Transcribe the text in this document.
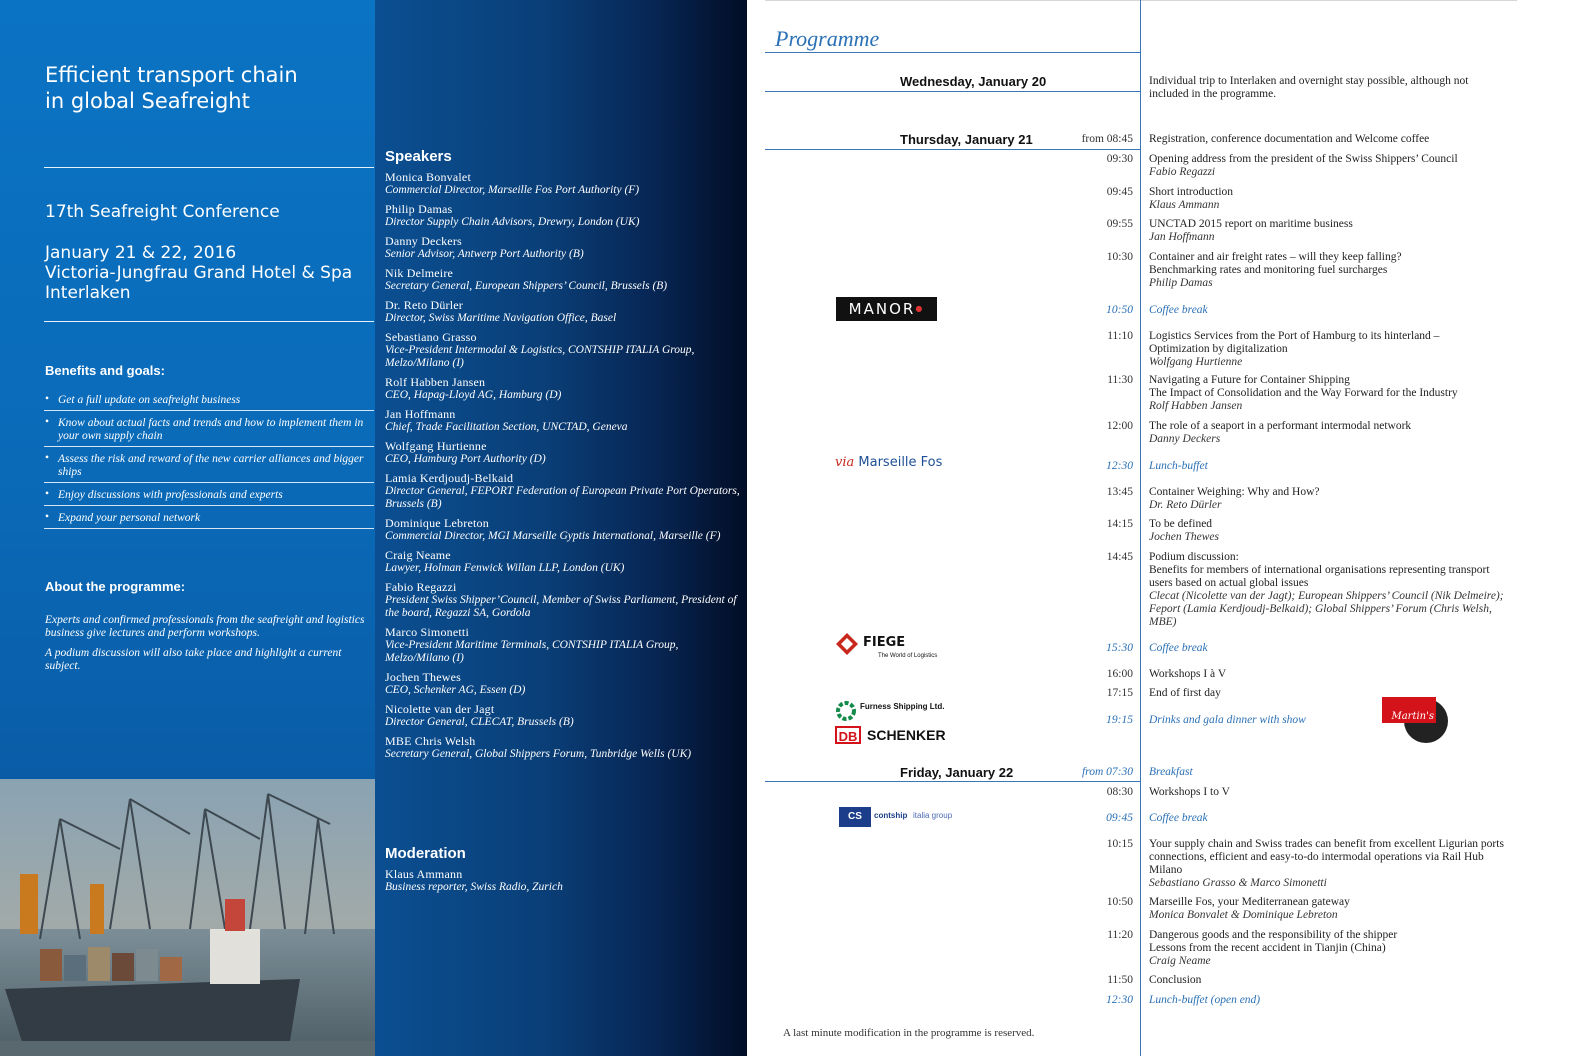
Efficient transport chain
in global Seafreight
17th Seafreight Conference
January 21 & 22, 2016
Victoria-Jungfrau Grand Hotel & Spa
Interlaken
Benefits and goals:
• Get a full update on seafreight business
• Know about actual facts and trends and how to implement them in your own supply chain
• Assess the risk and reward of the new carrier alliances and bigger ships
• Enjoy discussions with professionals and experts
• Expand your personal network
About the programme:

Experts and confirmed professionals from the seafreight and logistics business give lectures and perform workshops.

A podium discussion will also take place and highlight a current subject.

Speakers
Monica Bonvalet
Commercial Director, Marseille Fos Port Authority (F)
Philip Damas
Director Supply Chain Advisors, Drewry, London (UK)
Danny Deckers
Senior Advisor, Antwerp Port Authority (B)
Nik Delmeire
Secretary General, European Shippers’ Council, Brussels (B)
Dr. Reto Dürler
Director, Swiss Maritime Navigation Office, Basel
Sebastiano Grasso
Vice-President Intermodal & Logistics, CONTSHIP ITALIA Group, Melzo/Milano (I)
Rolf Habben Jansen
CEO, Hapag-Lloyd AG, Hamburg (D)
Jan Hoffmann
Chief, Trade Facilitation Section, UNCTAD, Geneva
Wolfgang Hurtienne
CEO, Hamburg Port Authority (D)
Lamia Kerdjoudj-Belkaid
Director General, FEPORT Federation of European Private Port Operators, Brussels (B)
Dominique Lebreton
Commercial Director, MGI Marseille Gyptis International, Marseille (F)
Craig Neame
Lawyer, Holman Fenwick Willan LLP, London (UK)
Fabio Regazzi
President Swiss Shipper’Council, Member of Swiss Parliament, President of the board, Regazzi SA, Gordola
Marco Simonetti
Vice-President Maritime Terminals, CONTSHIP ITALIA Group, Melzo/Milano (I)
Jochen Thewes
CEO, Schenker AG, Essen (D)
Nicolette van der Jagt
Director General, CLECAT, Brussels (B)
MBE Chris Welsh
Secretary General, Global Shippers Forum, Tunbridge Wells (UK)
Moderation
Klaus Ammann
Business reporter, Swiss Radio, Zurich
Programme
Wednesday, January 20
Thursday, January 21
Friday, January 22
Individual trip to Interlaken and overnight stay possible, although not included in the programme.
Registration, conference documentation and Welcome coffee
Opening address from the president of the Swiss Shippers’ Council
Fabio Regazzi
Short introduction
Klaus Ammann
UNCTAD 2015 report on maritime business
Jan Hoffmann
Container and air freight rates – will they keep falling?
Benchmarking rates and monitoring fuel surcharges
Philip Damas
Coffee break
Logistics Services from the Port of Hamburg to its hinterland –
Optimization by digitalization
Wolfgang Hurtienne
Navigating a Future for Container Shipping
The Impact of Consolidation and the Way Forward for the Industry
Rolf Habben Jansen
The role of a seaport in a performant intermodal network
Danny Deckers
Lunch-buffet
Container Weighing: Why and How?
Dr. Reto Dürler
To be defined
Jochen Thewes
Podium discussion:
Benefits for members of international organisations representing transport users based on actual global issues
Clecat (Nicolette van der Jagt); European Shippers’ Council (Nik Delmeire); Feport (Lamia Kerdjoudj-Belkaid); Global Shippers’ Forum (Chris Welsh, MBE)
Coffee break
Workshops I à V
End of first day
Drinks and gala dinner with show
Breakfast
Workshops I to V
Coffee break
Your supply chain and Swiss trades can benefit from excellent Ligurian ports connections, efficient and easy-to-do intermodal operations via Rail Hub Milano
Sebastiano Grasso & Marco Simonetti
Marseille Fos, your Mediterranean gateway
Monica Bonvalet & Dominique Lebreton
Dangerous goods and the responsibility of the shipper
Lessons from the recent accident in Tianjin (China)
Craig Neame
Conclusion
Lunch-buffet (open end)
MANOR●
via Marseille Fos
FIEGE
The World of Logistics
Furness Shipping Ltd.
DB SCHENKER
CS	contship italia group
Martin's
A last minute modification in the programme is reserved.
from 08:45
09:30
09:45
09:55
10:30
10:50
11:10
11:30
12:00
12:30
13:45
14:15
14:45
15:30
16:00
17:15
19:15
from 07:30
08:30
09:45
10:15
10:50
11:20
11:50
12:30
